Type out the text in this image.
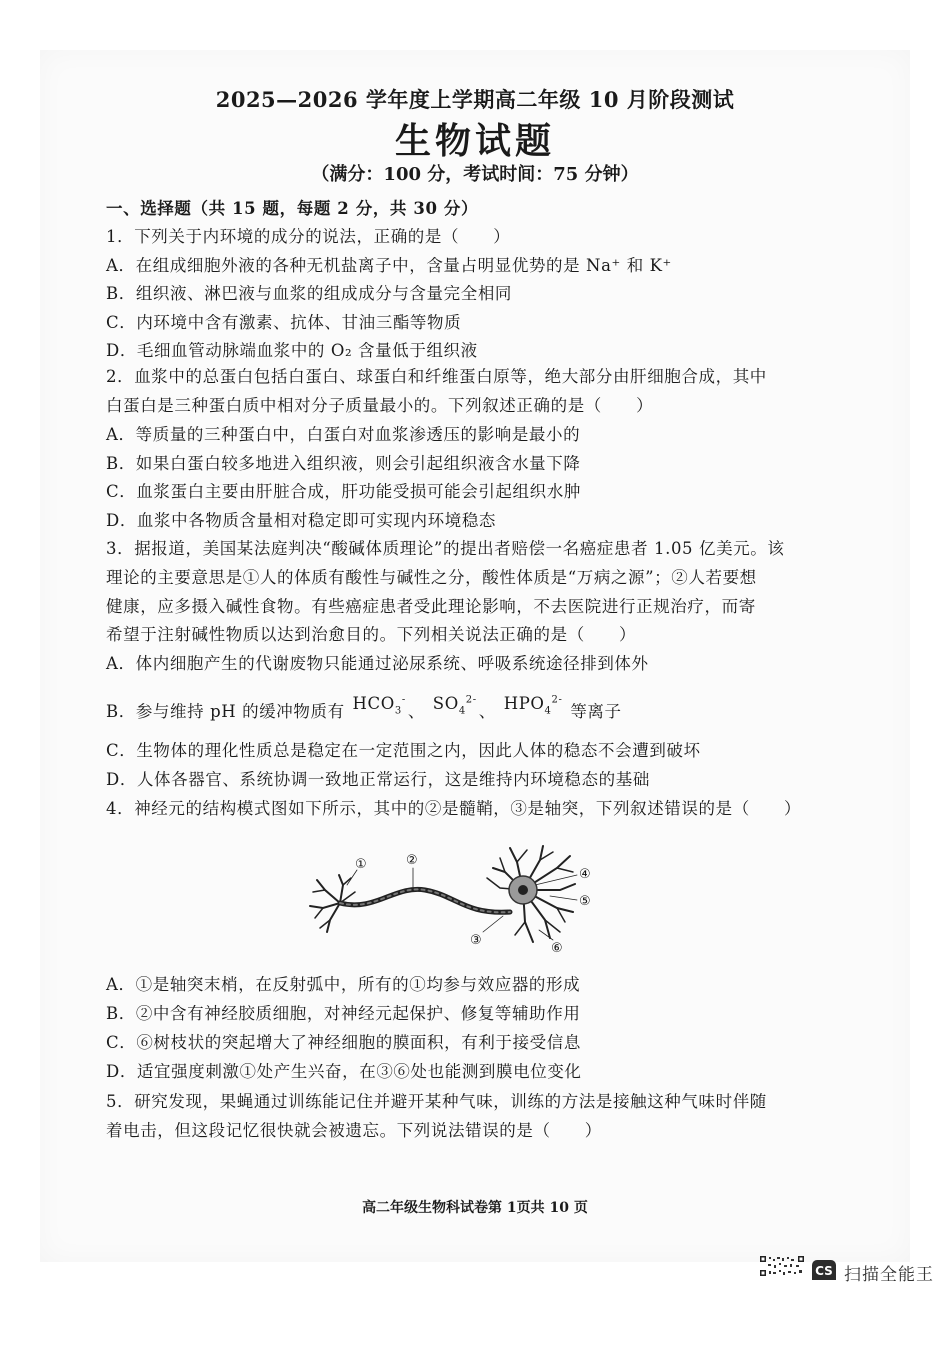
2025—2026 学年度上学期高二年级 10 月阶段测试
生物试题
（满分：100 分，考试时间：75 分钟）
一、选择题（共 15 题，每题 2 分，共 30 分）
1．下列关于内环境的成分的说法，正确的是（　　）
A．在组成细胞外液的各种无机盐离子中，含量占明显优势的是 Na⁺ 和 K⁺
B．组织液、淋巴液与血浆的组成成分与含量完全相同
C．内环境中含有激素、抗体、甘油三酯等物质
D．毛细血管动脉端血浆中的 O₂ 含量低于组织液
2．血浆中的总蛋白包括白蛋白、球蛋白和纤维蛋白原等，绝大部分由肝细胞合成，其中
白蛋白是三种蛋白质中相对分子质量最小的。下列叙述正确的是（　　）
A．等质量的三种蛋白中，白蛋白对血浆渗透压的影响是最小的
B．如果白蛋白较多地进入组织液，则会引起组织液含水量下降
C．血浆蛋白主要由肝脏合成，肝功能受损可能会引起组织水肿
D．血浆中各物质含量相对稳定即可实现内环境稳态
3．据报道，美国某法庭判决“酸碱体质理论”的提出者赔偿一名癌症患者 1.05 亿美元。该
理论的主要意思是①人的体质有酸性与碱性之分，酸性体质是“万病之源”；②人若要想
健康，应多摄入碱性食物。有些癌症患者受此理论影响，不去医院进行正规治疗，而寄
希望于注射碱性物质以达到治愈目的。下列相关说法正确的是（　　）
A．体内细胞产生的代谢废物只能通过泌尿系统、呼吸系统途径排到体外
B．参与维持 pH 的缓冲物质有 $HCO_3^-$、 $SO_4^{2-}$、 $HPO_4^{2-}$ 等离子
C．生物体的理化性质总是稳定在一定范围之内，因此人体的稳态不会遭到破坏
D．人体各器官、系统协调一致地正常运行，这是维持内环境稳态的基础
4．神经元的结构模式图如下所示，其中的②是髓鞘，③是轴突，下列叙述错误的是（　　）
①	②
③
④
⑤
⑥
A．①是轴突末梢，在反射弧中，所有的①均参与效应器的形成
B．②中含有神经胶质细胞，对神经元起保护、修复等辅助作用
C．⑥树枝状的突起增大了神经细胞的膜面积，有利于接受信息
D．适宜强度刺激①处产生兴奋，在③⑥处也能测到膜电位变化
5．研究发现，果蝇通过训练能记住并避开某种气味，训练的方法是接触这种气味时伴随
着电击，但这段记忆很快就会被遗忘。下列说法错误的是（　　）
高二年级生物科试卷第 1页共 10 页
CS 扫描全能王
